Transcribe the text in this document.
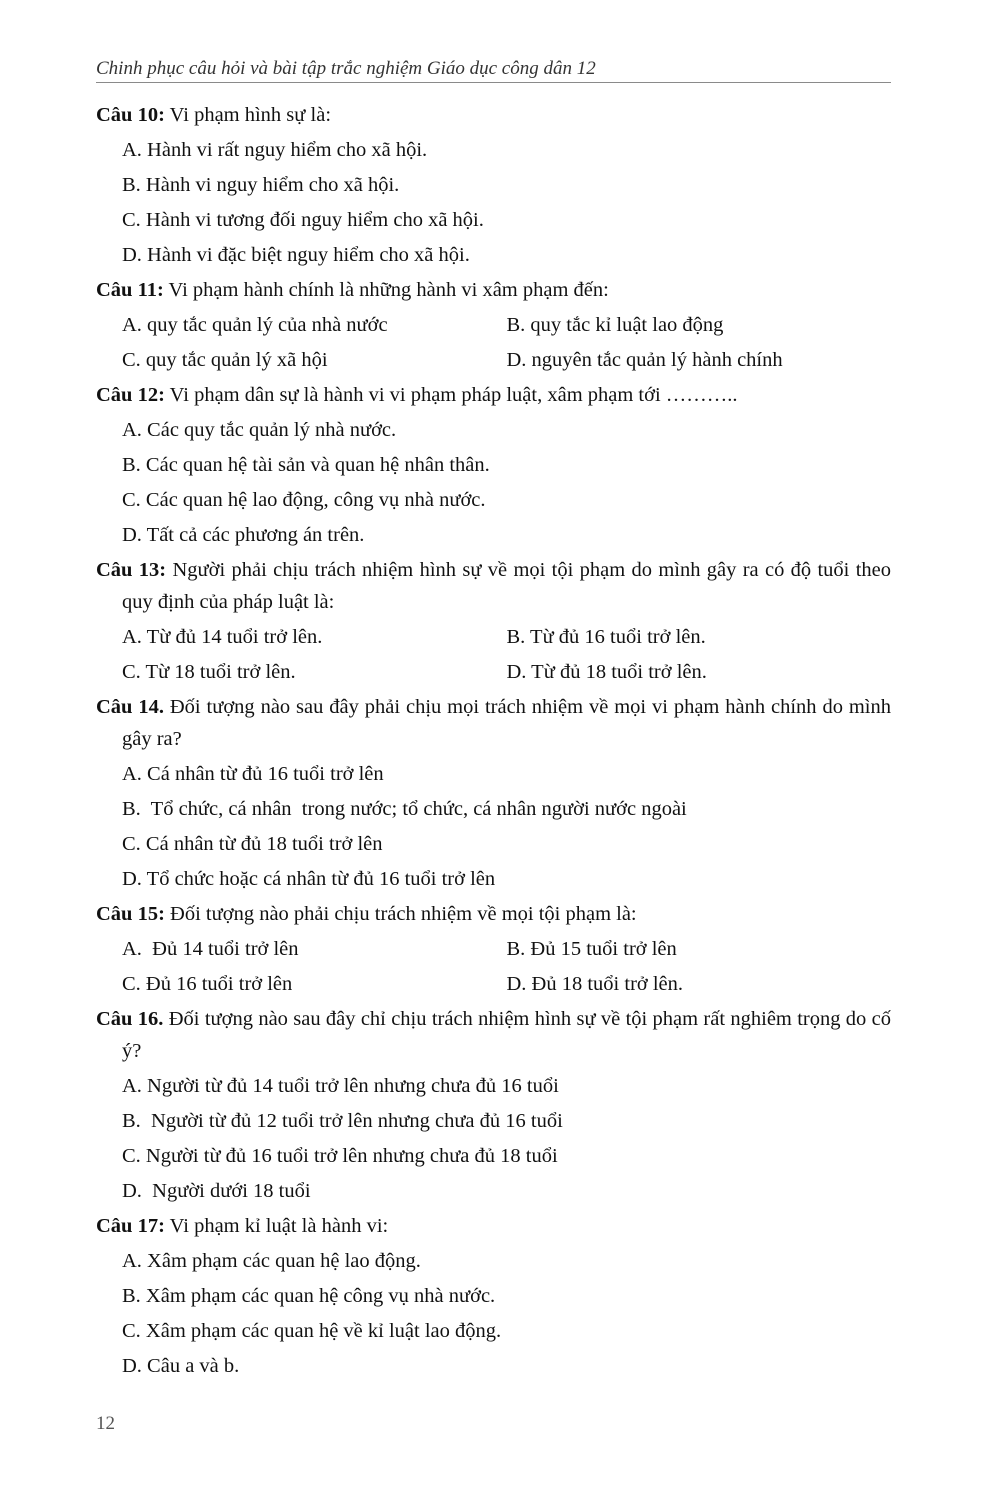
Chinh phục câu hỏi và bài tập trắc nghiệm Giáo dục công dân 12
Câu 10: Vi phạm hình sự là:
A. Hành vi rất nguy hiểm cho xã hội.
B. Hành vi nguy hiểm cho xã hội.
C. Hành vi tương đối nguy hiểm cho xã hội.
D. Hành vi đặc biệt nguy hiểm cho xã hội.
Câu 11: Vi phạm hành chính là những hành vi xâm phạm đến:
A. quy tắc quản lý của nhà nước	B. quy tắc kỉ luật lao động
C. quy tắc quản lý xã hội	D. nguyên tắc quản lý hành chính
Câu 12: Vi phạm dân sự là hành vi vi phạm pháp luật, xâm phạm tới ………..
A. Các quy tắc quản lý nhà nước.
B. Các quan hệ tài sản và quan hệ nhân thân.
C. Các quan hệ lao động, công vụ nhà nước.
D. Tất cả các phương án trên.
Câu 13: Người phải chịu trách nhiệm hình sự về mọi tội phạm do mình gây ra có độ tuổi theo quy định của pháp luật là:
A. Từ đủ 14 tuổi trở lên.	B. Từ đủ 16 tuổi trở lên.
C. Từ 18 tuổi trở lên.	D. Từ đủ 18 tuổi trở lên.
Câu 14. Đối tượng nào sau đây phải chịu mọi trách nhiệm về mọi vi phạm hành chính do mình gây ra?
A. Cá nhân từ đủ 16 tuổi trở lên
B.  Tổ chức, cá nhân  trong nước; tổ chức, cá nhân người nước ngoài
C. Cá nhân từ đủ 18 tuổi trở lên
D. Tổ chức hoặc cá nhân từ đủ 16 tuổi trở lên
Câu 15: Đối tượng nào phải chịu trách nhiệm về mọi tội phạm là:
A.  Đủ 14 tuổi trở lên	B. Đủ 15 tuổi trở lên
C. Đủ 16 tuổi trở lên	D. Đủ 18 tuổi trở lên.
Câu 16. Đối tượng nào sau đây chỉ chịu trách nhiệm hình sự về tội phạm rất nghiêm trọng do cố ý?
A. Người từ đủ 14 tuổi trở lên nhưng chưa đủ 16 tuổi
B.  Người từ đủ 12 tuổi trở lên nhưng chưa đủ 16 tuổi
C. Người từ đủ 16 tuổi trở lên nhưng chưa đủ 18 tuổi
D.  Người dưới 18 tuổi
Câu 17: Vi phạm kỉ luật là hành vi:
A. Xâm phạm các quan hệ lao động.
B. Xâm phạm các quan hệ công vụ nhà nước.
C. Xâm phạm các quan hệ về kỉ luật lao động.
D. Câu a và b.
12
